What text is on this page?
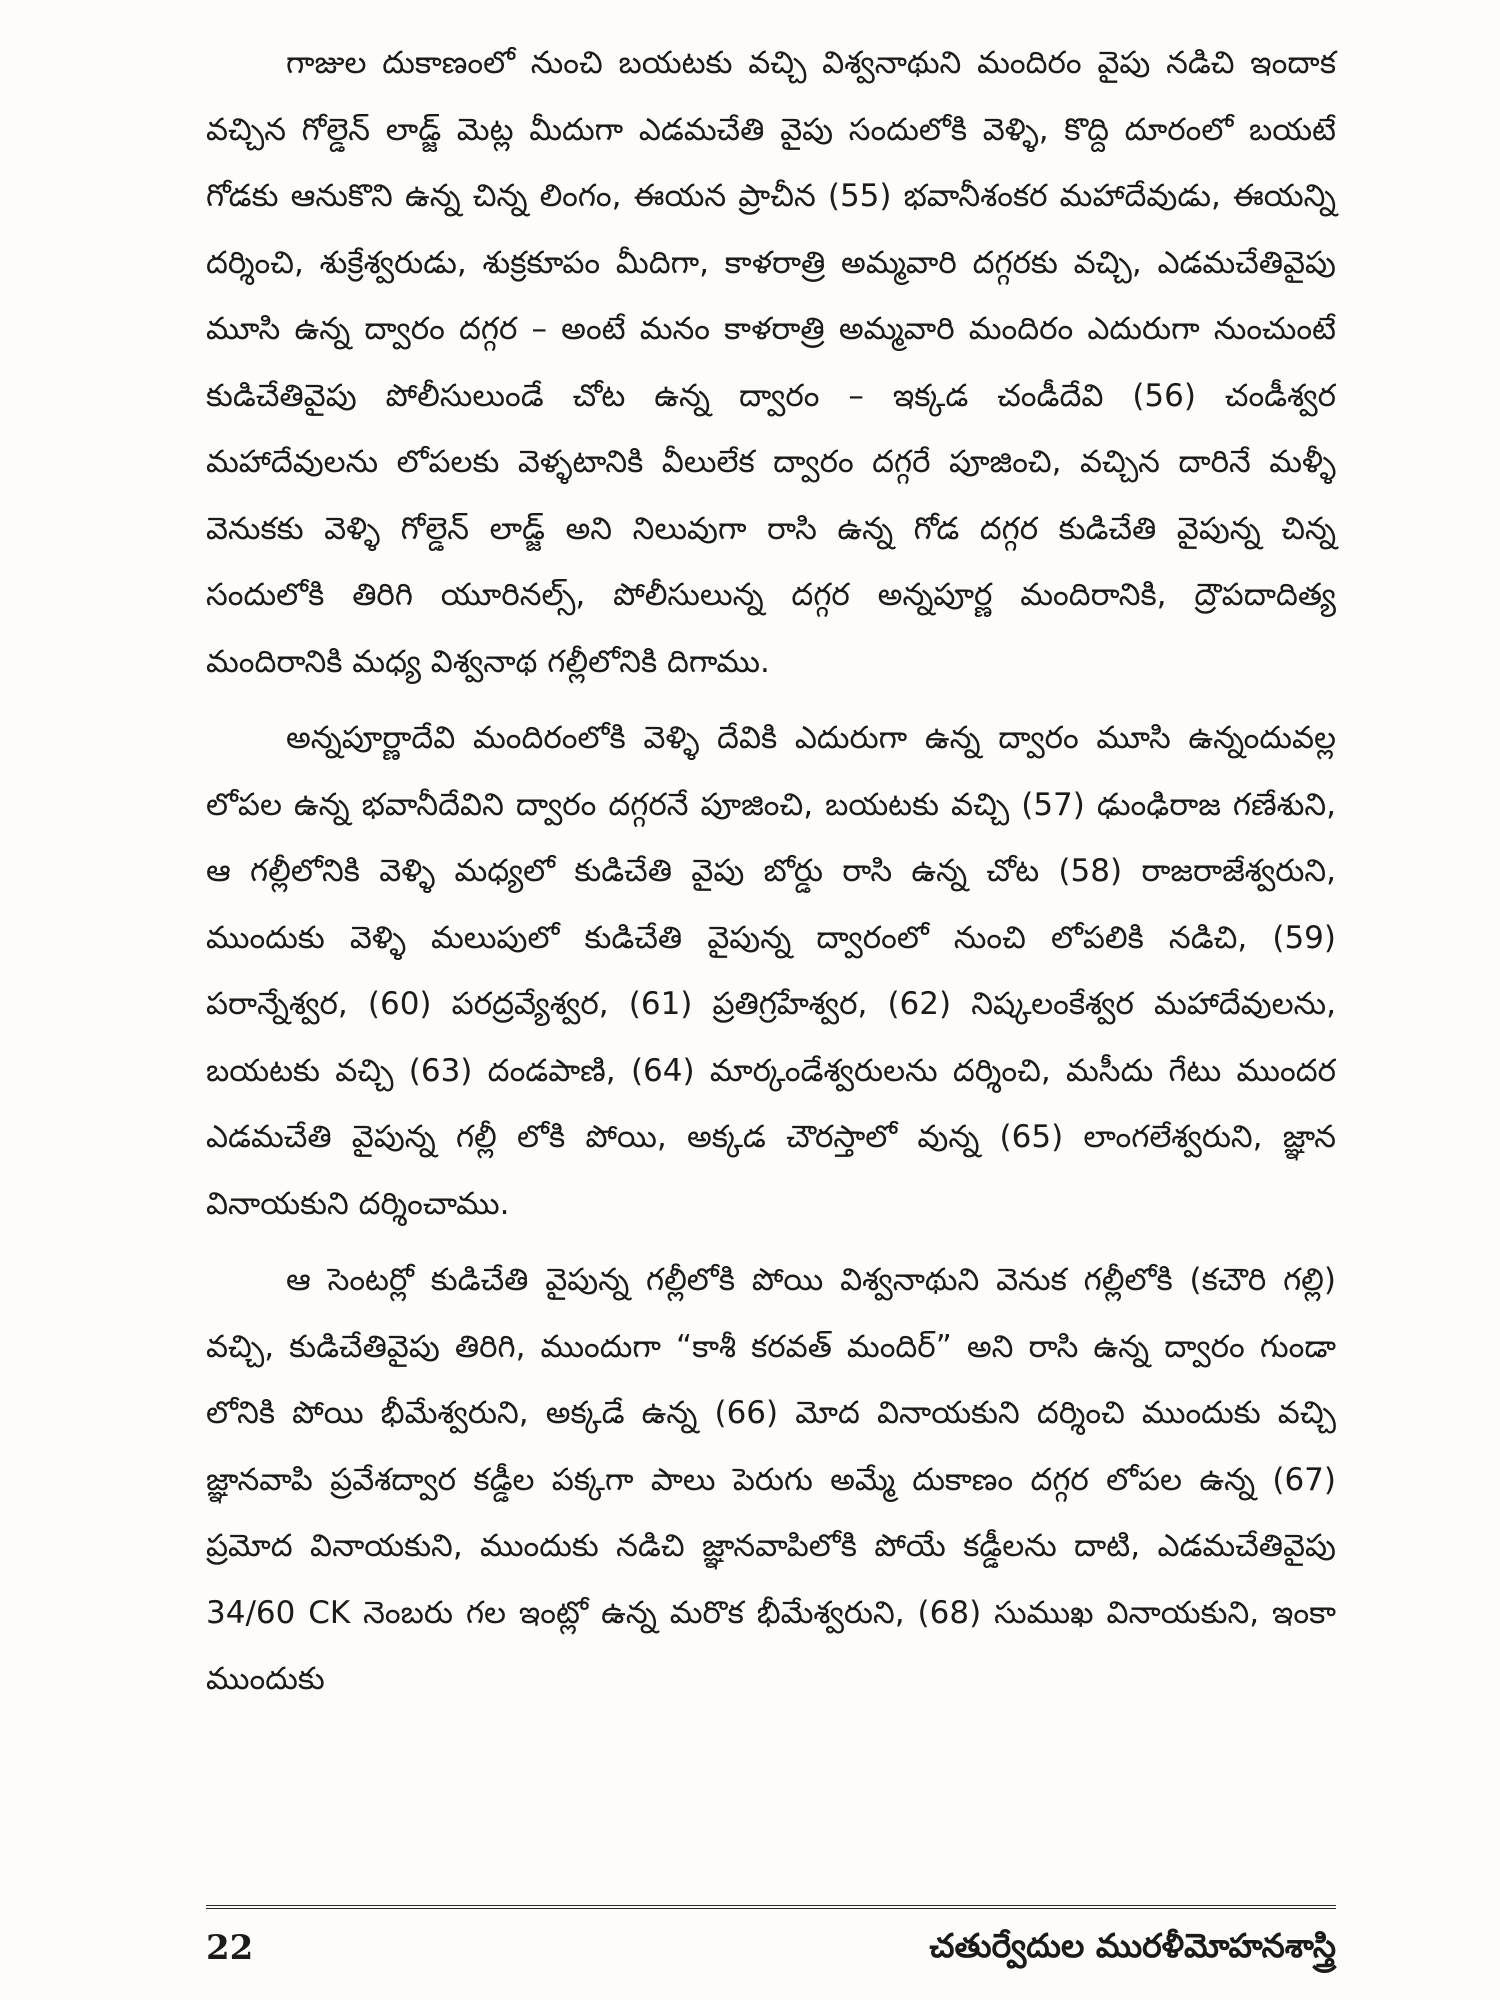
గాజుల దుకాణంలో నుంచి బయటకు వచ్చి విశ్వనాథుని మందిరం వైపు నడిచి ఇందాక వచ్చిన గోల్డెన్ లాడ్జ్ మెట్ల మీదుగా ఎడమచేతి వైపు సందులోకి వెళ్ళి, కొద్ది దూరంలో బయటే గోడకు ఆనుకొని ఉన్న చిన్న లింగం, ఈయన ప్రాచీన (55) భవానీశంకర మహాదేవుడు, ఈయన్ని దర్శించి, శుక్రేశ్వరుడు, శుక్రకూపం మీదిగా, కాళరాత్రి అమ్మవారి దగ్గరకు వచ్చి, ఎడమచేతివైపు మూసి ఉన్న ద్వారం దగ్గర – అంటే మనం కాళరాత్రి అమ్మవారి మందిరం ఎదురుగా నుంచుంటే కుడిచేతివైపు పోలీసులుండే చోట ఉన్న ద్వారం – ఇక్కడ చండీదేవి (56) చండీశ్వర మహాదేవులను లోపలకు వెళ్ళటానికి వీలులేక ద్వారం దగ్గరే పూజించి, వచ్చిన దారినే మళ్ళీ వెనుకకు వెళ్ళి గోల్డెన్ లాడ్జ్ అని నిలువుగా రాసి ఉన్న గోడ దగ్గర కుడిచేతి వైపున్న చిన్న సందులోకి తిరిగి యూరినల్స్, పోలీసులున్న దగ్గర అన్నపూర్ణ మందిరానికి, ద్రౌపదాదిత్య మందిరానికి మధ్య విశ్వనాథ గల్లీలోనికి దిగాము.

అన్నపూర్ణాదేవి మందిరంలోకి వెళ్ళి దేవికి ఎదురుగా ఉన్న ద్వారం మూసి ఉన్నందువల్ల లోపల ఉన్న భవానీదేవిని ద్వారం దగ్గరనే పూజించి, బయటకు వచ్చి (57) ఢుంఢిరాజ గణేశుని, ఆ గల్లీలోనికి వెళ్ళి మధ్యలో కుడిచేతి వైపు బోర్డు రాసి ఉన్న చోట (58) రాజరాజేశ్వరుని, ముందుకు వెళ్ళి మలుపులో కుడిచేతి వైపున్న ద్వారంలో నుంచి లోపలికి నడిచి, (59) పరాన్నేశ్వర, (60) పరద్రవ్యేశ్వర, (61) ప్రతిగ్రహేశ్వర, (62) నిష్కలంకేశ్వర మహాదేవులను, బయటకు వచ్చి (63) దండపాణి, (64) మార్కండేశ్వరులను దర్శించి, మసీదు గేటు ముందర ఎడమచేతి వైపున్న గల్లీ లోకి పోయి, అక్కడ చౌరస్తాలో వున్న (65) లాంగలేశ్వరుని, జ్ఞాన వినాయకుని దర్శించాము.

ఆ సెంటర్లో కుడిచేతి వైపున్న గల్లీలోకి పోయి విశ్వనాథుని వెనుక గల్లీలోకి (కచౌరి గల్లి) వచ్చి, కుడిచేతివైపు తిరిగి, ముందుగా “కాశీ కరవత్ మందిర్” అని రాసి ఉన్న ద్వారం గుండా లోనికి పోయి భీమేశ్వరుని, అక్కడే ఉన్న (66) మోద వినాయకుని దర్శించి ముందుకు వచ్చి జ్ఞానవాపి ప్రవేశద్వార కడ్డీల పక్కగా పాలు పెరుగు అమ్మే దుకాణం దగ్గర లోపల ఉన్న (67) ప్రమోద వినాయకుని, ముందుకు నడిచి జ్ఞానవాపిలోకి పోయే కడ్డీలను దాటి, ఎడమచేతివైపు 34/60 CK నెంబరు గల ఇంట్లో ఉన్న మరొక భీమేశ్వరుని, (68) సుముఖ వినాయకుని, ఇంకా ముందుకు

22	చతుర్వేదుల మురళీమోహనశాస్త్రి
